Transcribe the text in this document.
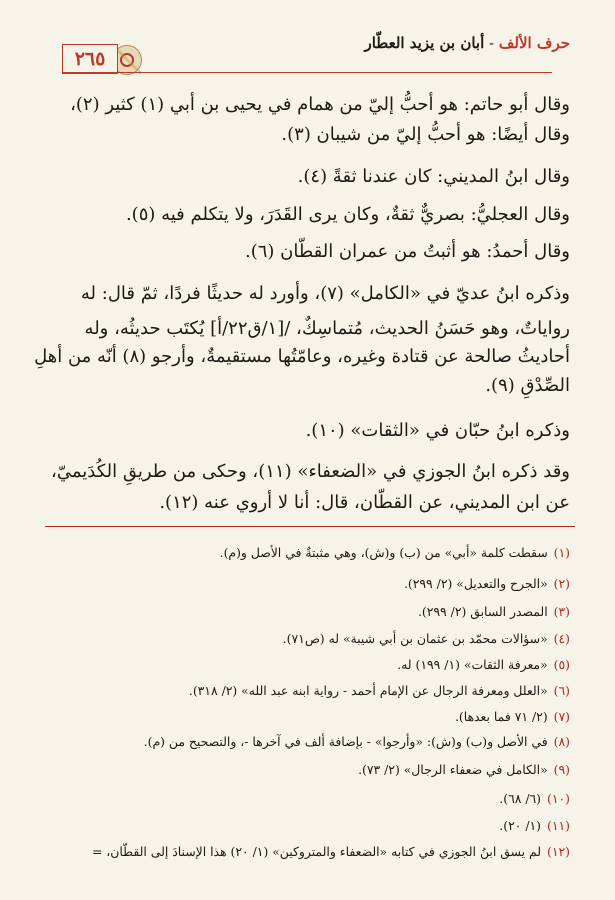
حرف الألف - أبان بن يزيد العطّار
٢٦٥
وقال أبو حاتم: هو أحبُّ إليّ من همام في يحيى بن أبي (١) كثير (٢)،
وقال أيضًا: هو أحبُّ إليّ من شيبان (٣).
وقال ابنُ المديني: كان عندنا ثقةً (٤).
وقال العجليُّ: بصريٌّ ثقةٌ، وكان يرى القَدَرَ، ولا يتكلم فيه (٥).
وقال أحمدُ: هو أثبتُ من عمران القطّان (٦).
وذكره ابنُ عديّ في «الكامل» (٧)، وأورد له حديثًا فردًا، ثمّ قال: له
رواياتٌ، وهو حَسَنُ الحديث، مُتماسِكٌ، /[١/ق٢٢/أ] يُكتَب حديثُه، وله
أحاديثُ صالحة عن قتادة وغيره، وعامّتُها مستقيمةٌ، وأرجو (٨) أنّه من أهلِ
الصِّدْقِ (٩).
وذكره ابنُ حبّان في «الثقات» (١٠).
وقد ذكره ابنُ الجوزي في «الضعفاء» (١١)، وحكى من طريقِ الكُدَيميّ،
عن ابن المديني، عن القطّان، قال: أنا لا أروي عنه (١٢).
(١)سقطت كلمة «أبي» من (ب) و(ش)، وهي مثبتةٌ في الأصل و(م).
(٢)«الجرح والتعديل» (٢/ ٢٩٩).
(٣)المصدر السابق (٢/ ٢٩٩).
(٤)«سؤالات محمّد بن عثمان بن أبي شيبة» له (ص٧١).
(٥)«معرفة الثقات» (١/ ١٩٩) له.
(٦)«العلل ومعرفة الرجال عن الإمام أحمد - رواية ابنه عبد الله» (٢/ ٣١٨).
(٧)(٢/ ٧١ فما بعدها).
(٨)في الأصل و(ب) و(ش): «وأرجوا» - بإضافة ألف في آخرها -، والتصحيح من (م).
(٩)«الكامل في ضعفاء الرجال» (٢/ ٧٣).
(١٠)(٦/ ٦٨).
(١١)(١/ ٢٠).
(١٢)لم يسق ابنُ الجوزي في كتابه «الضعفاء والمتروكين» (١/ ٢٠) هذا الإسنادَ إلى القطّان، =
